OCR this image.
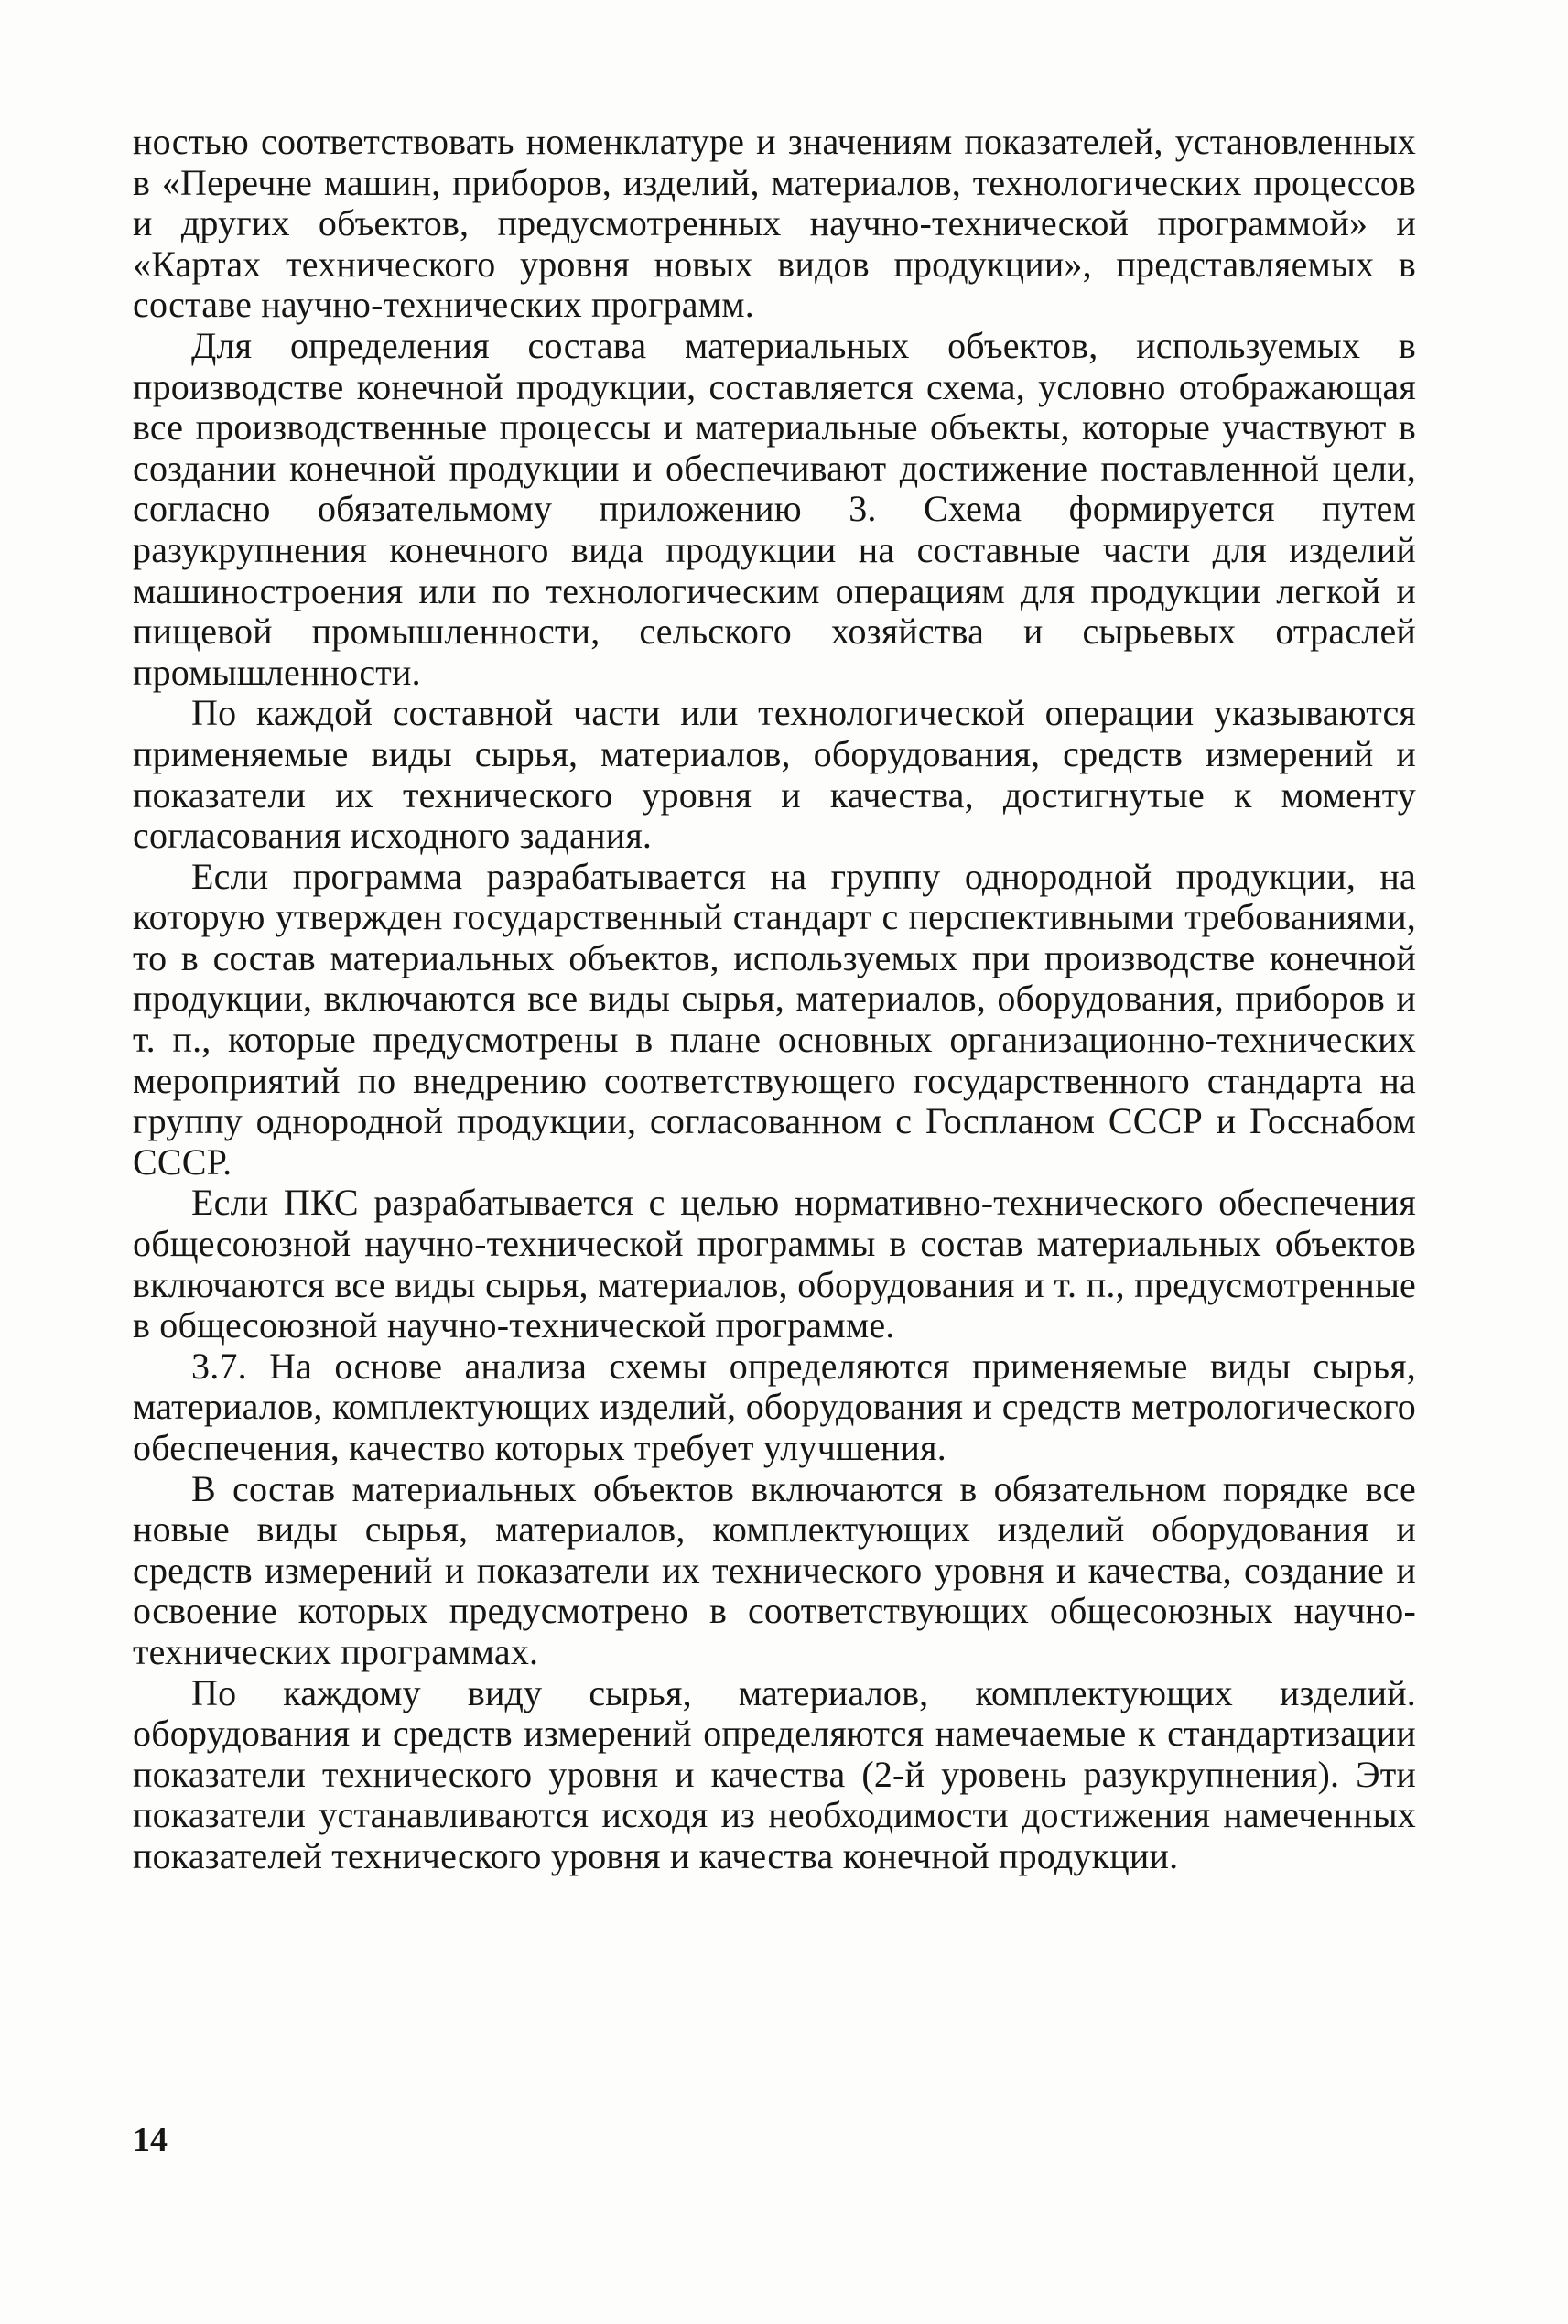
ностью соответствовать номенклатуре и значениям показателей, установленных в «Перечне машин, приборов, изделий, материалов, технологических процессов и других объектов, предусмотренных научно-технической программой» и «Картах технического уровня новых видов продукции», представляемых в составе научно-технических программ.

Для определения состава материальных объектов, используемых в производстве конечной продукции, составляется схема, условно отображающая все производственные процессы и материальные объекты, которые участвуют в создании конечной продукции и обеспечивают достижение поставленной цели, согласно обязательмому приложению 3. Схема формируется путем разукрупнения конечного вида продукции на составные части для изделий машиностроения или по технологическим операциям для продукции легкой и пищевой промышленности, сельского хозяйства и сырьевых отраслей промышленности.

По каждой составной части или технологической операции указываются применяемые виды сырья, материалов, оборудования, средств измерений и показатели их технического уровня и качества, достигнутые к моменту согласования исходного задания.

Если программа разрабатывается на группу однородной продукции, на которую утвержден государственный стандарт с перспективными требованиями, то в состав материальных объектов, используемых при производстве конечной продукции, включаются все виды сырья, материалов, оборудования, приборов и т. п., которые предусмотрены в плане основных организационно-технических мероприятий по внедрению соответствующего государственного стандарта на группу однородной продукции, согласованном с Госпланом СССР и Госснабом СССР.

Если ПКС разрабатывается с целью нормативно-технического обеспечения общесоюзной научно-технической программы в состав материальных объектов включаются все виды сырья, материалов, оборудования и т. п., предусмотренные в общесоюзной научно-технической программе.

3.7. На основе анализа схемы определяются применяемые виды сырья, материалов, комплектующих изделий, оборудования и средств метрологического обеспечения, качество которых требует улучшения.

В состав материальных объектов включаются в обязательном порядке все новые виды сырья, материалов, комплектующих изделий оборудования и средств измерений и показатели их технического уровня и качества, создание и освоение которых предусмотрено в соответствующих общесоюзных научно-технических программах.

По каждому виду сырья, материалов, комплектующих изделий. оборудования и средств измерений определяются намечаемые к стандартизации показатели технического уровня и качества (2-й уровень разукрупнения). Эти показатели устанавливаются исходя из необходимости достижения намеченных показателей технического уровня и качества конечной продукции.

14
